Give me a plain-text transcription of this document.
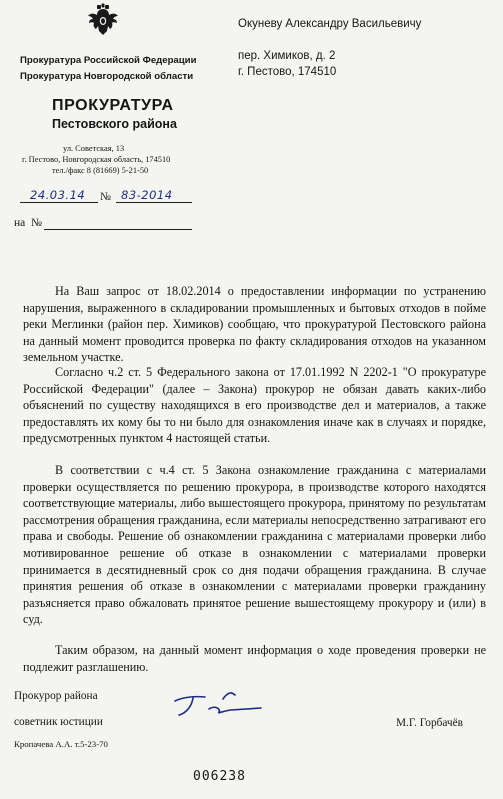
Прокуратура Российской Федерации
Прокуратура Новгородской области
ПРОКУРАТУРА
Пестовского района
ул. Советская, 13
г. Пестово, Новгородская область, 174510
тел./факс 8 (81669) 5-21-50
24.03.14 № 83-2014
на №
Окуневу Александру Васильевичу
пер. Химиков, д. 2
г. Пестово, 174510

На Ваш запрос от 18.02.2014 о предоставлении информации по устранению нарушения, выраженного в складировании промышленных и бытовых отходов в пойме реки Меглинки (район пер. Химиков) сообщаю, что прокуратурой Пестовского района на данный момент проводится проверка по факту складирования отходов на указанном земельном участке.

Согласно ч.2 ст. 5 Федерального закона от 17.01.1992 N 2202-1 "О прокуратуре Российской Федерации" (далее – Закона) прокурор не обязан давать каких-либо объяснений по существу находящихся в его производстве дел и материалов, а также предоставлять их кому бы то ни было для ознакомления иначе как в случаях и порядке, предусмотренных пунктом 4 настоящей статьи.

В соответствии с ч.4 ст. 5 Закона ознакомление гражданина с материалами проверки осуществляется по решению прокурора, в производстве которого находятся соответствующие материалы, либо вышестоящего прокурора, принятому по результатам рассмотрения обращения гражданина, если материалы непосредственно затрагивают его права и свободы. Решение об ознакомлении гражданина с материалами проверки либо мотивированное решение об отказе в ознакомлении с материалами проверки принимается в десятидневный срок со дня подачи обращения гражданина. В случае принятия решения об отказе в ознакомлении с материалами проверки гражданину разъясняется право обжаловать принятое решение вышестоящему прокурору и (или) в суд.

Таким образом, на данный момент информация о ходе проведения проверки не подлежит разглашению.

Прокурор района
советник юстиции	М.Г. Горбачёв
Кропачева А.А. т.5-23-70
006238
